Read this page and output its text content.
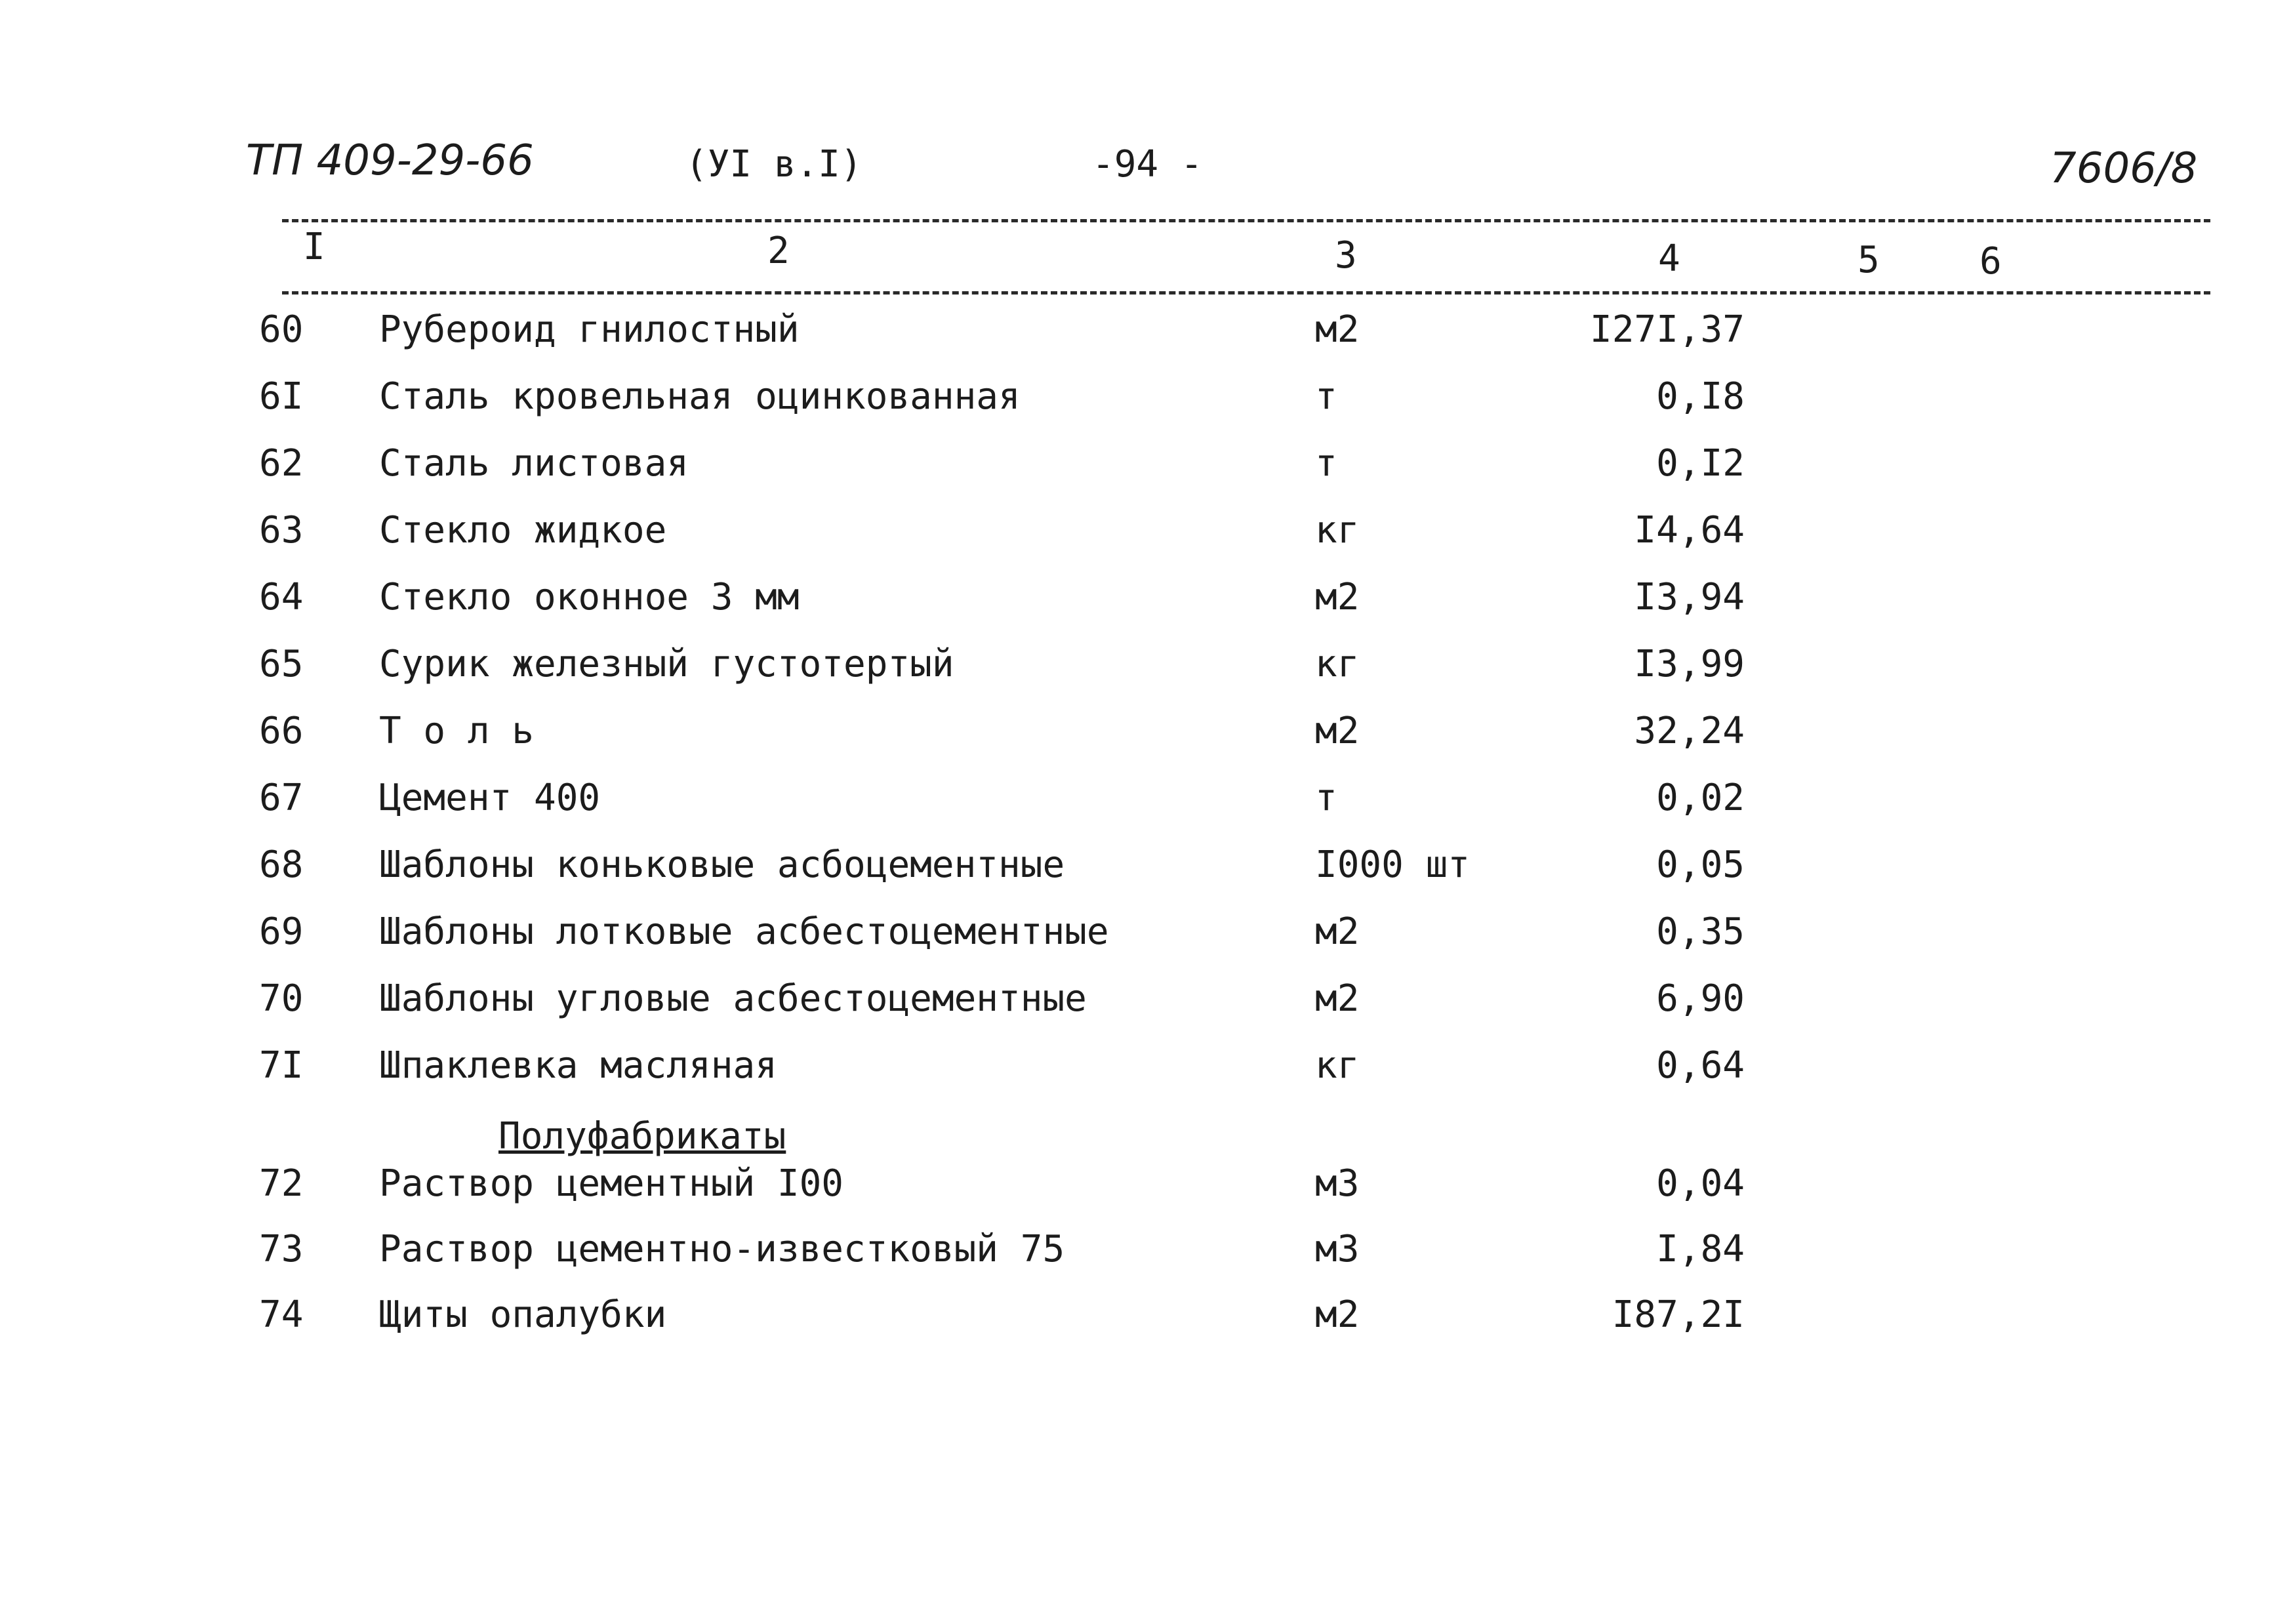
ТП 409-29-66	(УI в.I)	-94 -	7606/8
I	2	3	4	5	6
60	Рубероид гнилостный	м2	I27I,37
6I	Сталь кровельная оцинкованная	т	0,I8
62	Сталь листовая	т	0,I2
63	Стекло жидкое	кг	I4,64
64	Стекло оконное 3 мм	м2	I3,94
65	Сурик железный густотертый	кг	I3,99
66	Т о л ь	м2	32,24
67	Цемент 400	т	0,02
68	Шаблоны коньковые асбоцементные	I000 шт	0,05
69	Шаблоны лотковые асбестоцементные	м2	0,35
70	Шаблоны угловые асбестоцементные	м2	6,90
7I	Шпаклевка масляная	кг	0,64
Полуфабрикаты
72	Раствор цементный I00	м3	0,04
73	Раствор цементно-известковый 75	м3	I,84
74	Щиты опалубки	м2	I87,2I
